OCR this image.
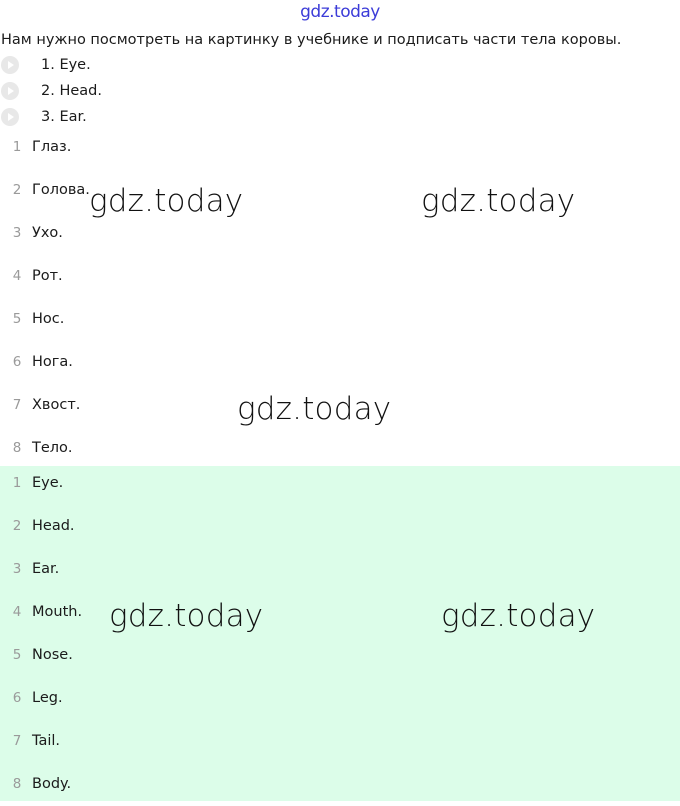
gdz.today
Нам нужно посмотреть на картинку в учебнике и подписать части тела коровы.
1. Eye.
2. Head.
3. Ear.
1 Глаз.
2 Голова.
3 Ухо.
4 Рот.
5 Нос.
6 Нога.
7 Хвост.
8 Тело.
1 Eye.
2 Head.
3 Ear.
4 Mouth.
5 Nose.
6 Leg.
7 Tail.
8 Body.
gdz.today	gdz.today
gdz.today
gdz.today	gdz.today
